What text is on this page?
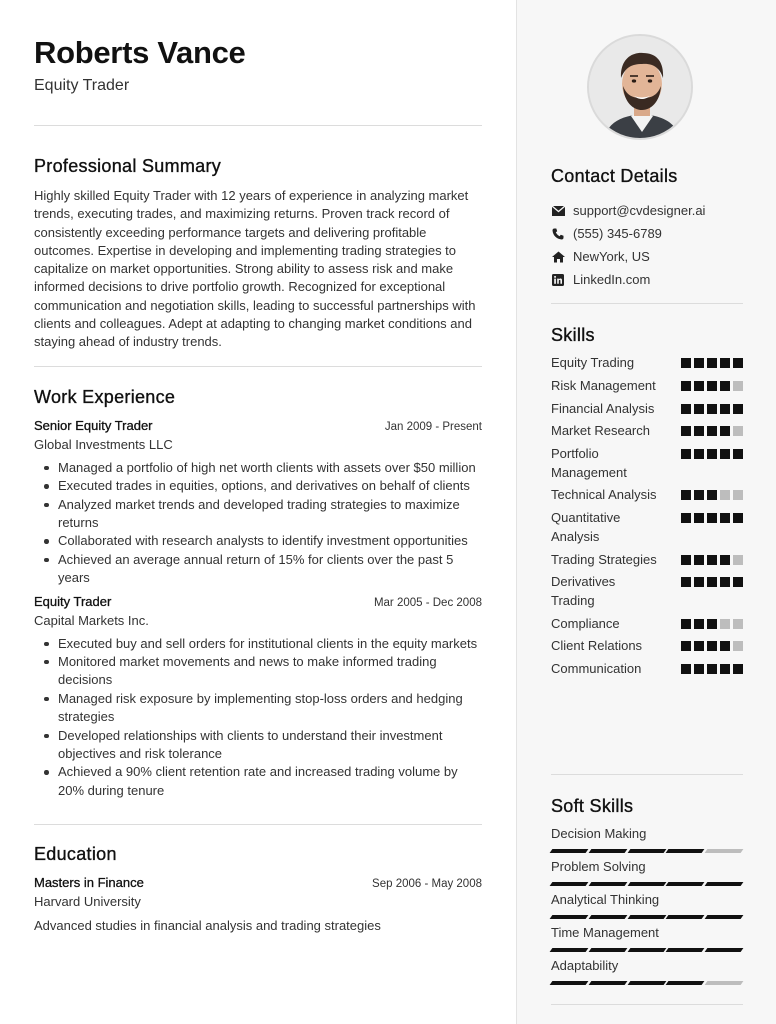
Roberts Vance
Equity Trader
Professional Summary

Highly skilled Equity Trader with 12 years of experience in analyzing market trends, executing trades, and maximizing returns. Proven track record of consistently exceeding performance targets and delivering profitable outcomes. Expertise in developing and implementing trading strategies to capitalize on market opportunities. Strong ability to assess risk and make informed decisions to drive portfolio growth. Recognized for exceptional communication and negotiation skills, leading to successful partnerships with clients and colleagues. Adept at adapting to changing market conditions and staying ahead of industry trends.

Work Experience
Senior Equity Trader	Jan 2009 - Present
Global Investments LLC
Managed a portfolio of high net worth clients with assets over $50 million
Executed trades in equities, options, and derivatives on behalf of clients
Analyzed market trends and developed trading strategies to maximize returns
Collaborated with research analysts to identify investment opportunities
Achieved an average annual return of 15% for clients over the past 5 years
Equity Trader	Mar 2005 - Dec 2008
Capital Markets Inc.
Executed buy and sell orders for institutional clients in the equity markets
Monitored market movements and news to make informed trading decisions
Managed risk exposure by implementing stop-loss orders and hedging strategies
Developed relationships with clients to understand their investment objectives and risk tolerance
Achieved a 90% client retention rate and increased trading volume by 20% during tenure
Education
Masters in Finance	Sep 2006 - May 2008
Harvard University
Advanced studies in financial analysis and trading strategies
Contact Details
support@cvdesigner.ai
(555) 345-6789
NewYork, US
LinkedIn.com
Skills
Equity Trading
Risk Management
Financial Analysis
Market Research
Portfolio Management
Technical Analysis
Quantitative Analysis
Trading Strategies
Derivatives Trading
Compliance
Client Relations
Communication
Soft Skills
Decision Making
Problem Solving
Analytical Thinking
Time Management
Adaptability
